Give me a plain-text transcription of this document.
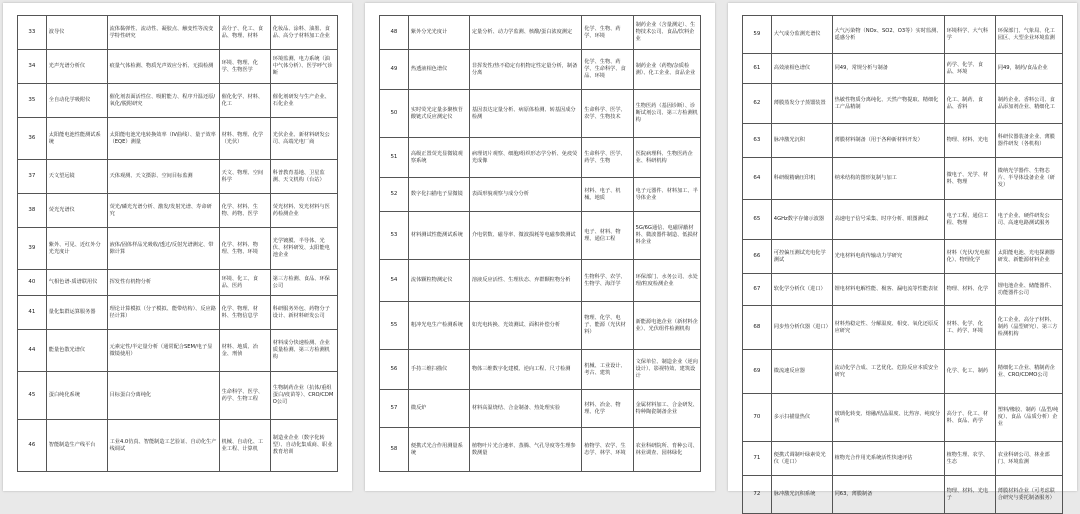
33	波导仪	流体黏弹性、流动性、凝胶点、触变性等流变学特性研究	高分子、化工、食品、物理、材料	化妆品、涂料、油墨、食品、高分子材料加工企业
34	光声光谱分析仪	痕量气体检测、物质光声效应分析、无损检测	环境、物理、化学、生物医学	环境监测、电力系统（油中气体分析）、医学呼气诊断
35	全自动化学吸附仪	催化剂表面活性位、吸附能力、程序升温还原/氧化/脱附研究	催化化学、材料、化工	催化剂研发与生产企业、石化企业
36	太阳能电池性能测试系统	太阳能电池光电转换效率（IV曲线）、量子效率（EQE）测量	材料、物理、化学（光伏）	光伏企业、新材料研发公司、高端光电厂商
37	天文望远镜	天体观测、天文摄影、空间目标监测	天文、物理、空间科学	科普教育基地、卫星监测、天文机构（台站）
38	荧光光谱仪	荧光/磷光光谱分析、激发/发射光谱、寿命研究	化学、材料、生物、药物、医学	荧光材料、发光材料与医药检测企业
39	紫外、可见、近红外分光光度计	液体/固体样品光吸收/透过/反射光谱测定、带隙计算	化学、材料、物理、生物、环境	光学镀膜、半导体、光伏、材料研发、太阳能电池企业
40	气相色谱-质谱联用仪	挥发性有机物分析	环境、化工、食品、医药	第三方检测、食品、环保公司
41	量化集群运算服务器	理论计算模拟（分子模拟、能带结构）、反应路径计算）	化学、物理、材料、生物信息学	科研服务外包、药物分子设计、新材料研发公司
44	能量色散光谱仪	元素定性/半定量分析（通常配合SEM/电子显微镜使用）	材料、地质、冶金、刑侦	材料成分快速检测、企业质量检测、第三方检测机构
45	蛋白纯化系统	目标蛋白分离纯化	生命科学、医学、药学、生物工程	生物制药企业（抗体/重组蛋白/疫苗等）、CRO/CDMO公司
46	智能制造生产线平台	工业4.0仿真、智能制造工艺验证、自动化生产线调试	机械、自动化、工业工程、计算机	制造业企业（数字化转型）、自动化集成商、职业教育培训
48	紫外分光光度计	定量分析、动力学监测、核酸/蛋白浓度测定	化学、生物、药学、环境	制药企业（含量测定）、生物技术公司、食品/饮料企业
49	热透液相色谱仪	非挥发性/热不稳定有机物定性定量分析，制备分离	化学、生物、药学、生命科学、食品、环境	制药企业（药物/杂质检测）、化工企业、食品企业
50	实时荧光定量多聚核苷酸链式反应测定仪	基因表达定量分析、病原体检测、转基因成分检测	生命科学、医学、农学、生物技术	生物医药（基因诊断）、诊断试剂公司、第三方检测机构
51	高级正置荧光显微镜观察系统	病理切片观察、细胞/组织形态学分析、免疫荧光成像	生命科学、医学、药学、生物	医院病理科、生物医药企业、科研机构
52	数字化扫描电子显微镜	表面形貌观察与成分分析	材料、电子、机械、地质	电子元器件、材料加工、半导体企业
53	材料测试性能测试系统	介电常数、磁导率、微波损耗等电磁参数测试	电子、材料、物理、通信工程	5G/6G通信、电磁屏蔽材料、微波器件制造、低损材料企业
54	流体颗粒物测定仪	溶液反应活性、生理状态、弃群颗粒物分析	生物科学、农学、生物学、海洋学	环保部门、水务公司、水处理/粒度检测企业
55	粗冲光电生产检测系统	如光电转换、光效测试、面积补偿分析	物理、化学、电子、能源（光伏材料）	新能源电池企业（新材料企业）、光伏组件检测机构
56	手持三维扫描仪	物体三维数字化建模、逆向工程、尺寸检测	机械、工业设计、考古、建筑	文保单位、制造企业（逆向设计）、影视特效、建筑设计
57	微反炉	材料高温烧结、合金制备、热处理实验	材料、冶金、物理、化学	金属材料加工、合金研发、特种陶瓷制备企业
58	便携式光合作用测量系统	植物叶片光合速率、蒸腾、气孔导度等生理参数测量	植物学、农学、生态学、林学、环境	农业科研院所、育种公司、林业调查、园林绿化
59	大气成分监测光谱仪	大气污染物（NOx、SO2、O3等）实时监测、遥感分析	环境科学、大气科学	环保部门、气象局、化工园区、大型企业环境监测
61	高效液相色谱仪	同49，常规分析与制备	药学、化学、食品、环境	同49，制药/食品企业
62	薄膜蒸发分子蒸馏装置	热敏性物质分离纯化、天然产物提取、精细化工产品精制	化工、制药、食品、香料	制药企业、香料公司、食品添加剂企业、精细化工
63	脉冲激光沉积	薄膜材料制备（用于各种新材料开发）	物理、材料、光电	科研仪器装备企业、薄膜器件研发（各机构）
64	科研级精确压印机	纳米结构的图形复制与加工	微电子、光学、材料、物理	微纳光学器件、生物芯片、半导体设备企业（研发）
65	4GHz数字存储示波器	高速电子信号采集、时序分析、眼图测试	电子工程、通信工程、物理	电子企业、硬件研发公司、高速电路测试服务
66	可控偏压测试光电化学测试	光电材料电荷传输动力学研究	材料（光伏/光电催化）、物理化学	太阳能电池、光电探测器研发、新能源材料企业
67	软化学分析仪（进口）	锂电材料电解性能、极客、漏电流等性能表征	物理、材料、化学	锂电池企业、储能器件、功能器件公司
68	同步热分析仪器（进口）	材料热稳定性、分解温度、相变、氧化还原反应研究	材料、化学、化工、药学、环境	化工企业、高分子材料、制药（晶型研究）、第三方检测机构
69	微流速反应器	流动化学合成、工艺优化、危险反应本质安全研究	化学、化工、制药	精细化工企业、精制药企业、CRO/CDMO公司
70	多示扫描量热仪	玻璃化转变、熔融/结晶温度、比热容、纯度分析	高分子、化工、材料、食品、药学	塑料/橡胶、制药（晶型/纯度）、食品（品质分析）企业
71	便携式调制叶绿素荧光仪（进口）	植物光合作用光系统活性快速评估	植物生理、农学、生态	农业科研公司、林业部门、环境监测
72	脉冲激光沉积系统	同63，薄膜制备	物理、材料、光电子	薄膜材料企业（可考虑联合研究与委托制备服务）
